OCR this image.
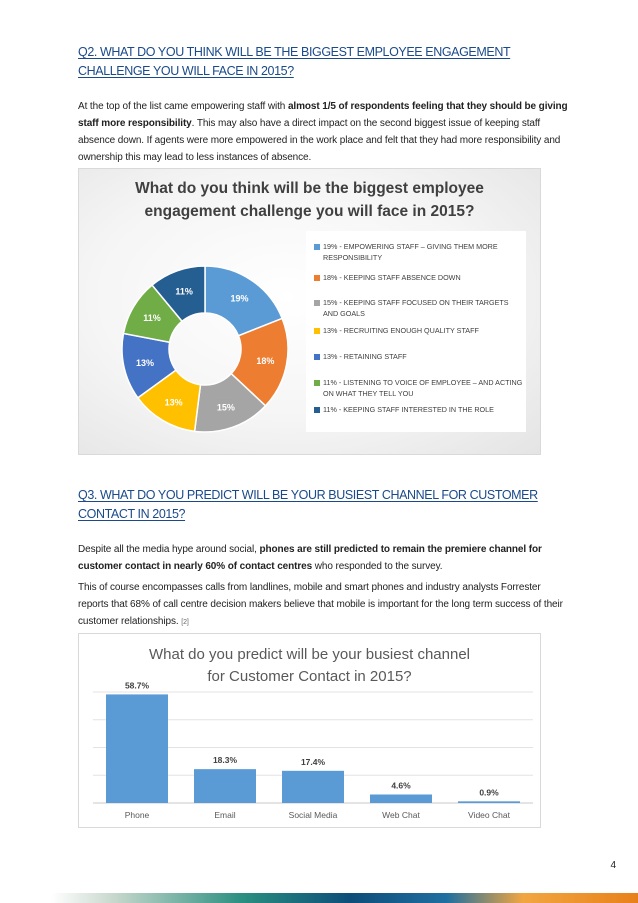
Q2. WHAT DO YOU THINK WILL BE THE BIGGEST EMPLOYEE ENGAGEMENT CHALLENGE YOU WILL FACE IN 2015?
At the top of the list came empowering staff with almost 1/5 of respondents feeling that they should be giving staff more responsibility. This may also have a direct impact on the second biggest issue of keeping staff absence down. If agents were more empowered in the work place and felt that they had more responsibility and ownership this may lead to less instances of absence.
What do you think will be the biggest employee engagement challenge you will face in 2015?
19%
18%
15%
13%
13%
11%
11%
19% - EMPOWERING STAFF – GIVING THEM MORE RESPONSIBILITY
18% - KEEPING STAFF ABSENCE DOWN
15% - KEEPING STAFF FOCUSED ON THEIR TARGETS AND GOALS
13% - RECRUITING ENOUGH QUALITY STAFF
13% - RETAINING STAFF
11% - LISTENING TO VOICE OF EMPLOYEE – AND ACTING ON WHAT THEY TELL YOU
11% - KEEPING STAFF INTERESTED IN THE ROLE
Q3. WHAT DO YOU PREDICT WILL BE YOUR BUSIEST CHANNEL FOR CUSTOMER CONTACT IN 2015?
Despite all the media hype around social, phones are still predicted to remain the premiere channel for customer contact in nearly 60% of contact centres who responded to the survey.
This of course encompasses calls from landlines, mobile and smart phones and industry analysts Forrester reports that 68% of call centre decision makers believe that mobile is important for the long term success of their customer relationships. [2]
What do you predict will be your busiest channel for Customer Contact in 2015?
58.7%
Phone
18.3%
Email
17.4%
Social Media
4.6%
Web Chat
0.9%
Video Chat
4
